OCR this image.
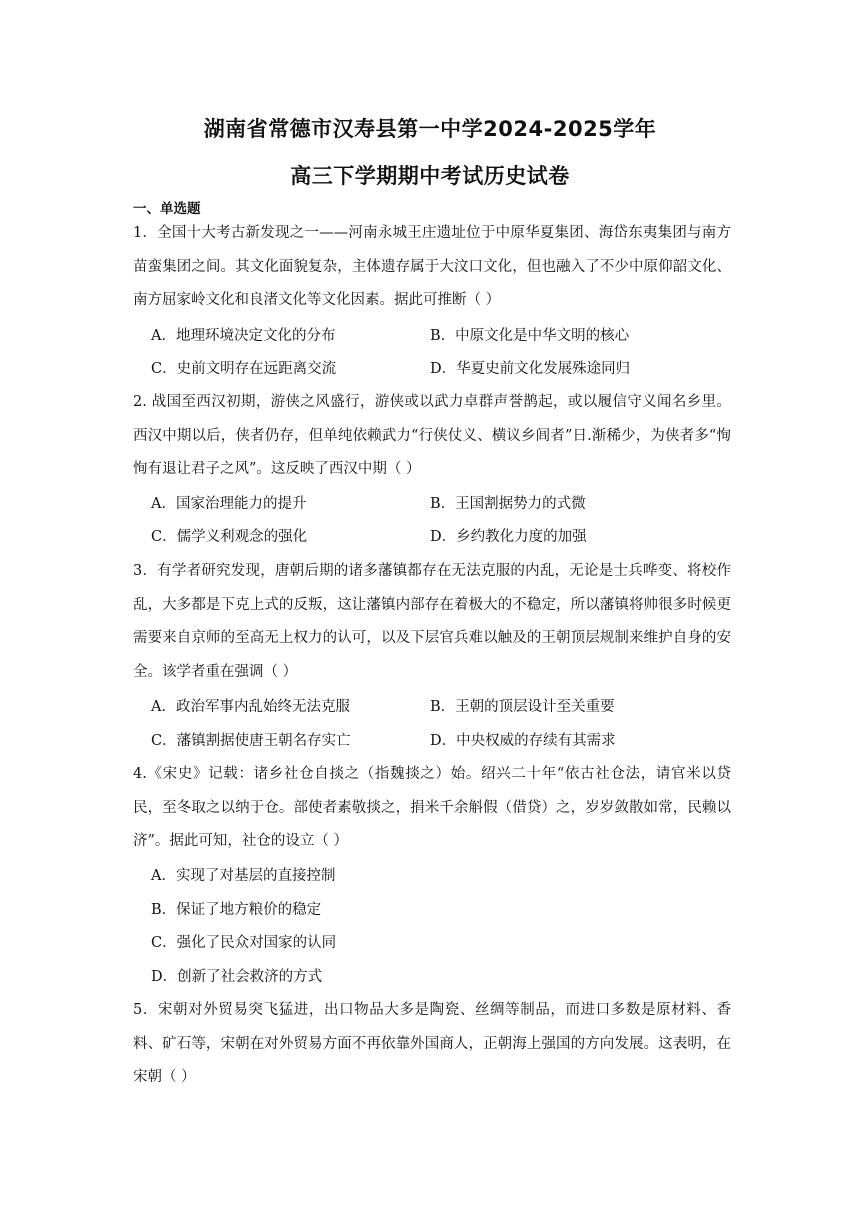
湖南省常德市汉寿县第一中学2024-2025学年
高三下学期期中考试历史试卷
一、单选题
1．全国十大考古新发现之一——河南永城王庄遗址位于中原华夏集团、海岱东夷集团与南方苗蛮集团之间。其文化面貌复杂，主体遗存属于大汶口文化，但也融入了不少中原仰韶文化、南方屈家岭文化和良渚文化等文化因素。据此可推断（ ）
A．地理环境决定文化的分布	B．中原文化是中华文明的核心
C．史前文明存在远距离交流	D．华夏史前文化发展殊途同归
2. 战国至西汉初期，游侠之风盛行，游侠或以武力卓群声誉鹊起，或以履信守义闻名乡里。西汉中期以后，侠者仍存，但单纯依赖武力“行侠仗义、横议乡闾者”日.渐稀少，为侠者多“恂恂有退让君子之风”。这反映了西汉中期（ ）
A．国家治理能力的提升	B．王国割据势力的式微
C．儒学义利观念的强化	D．乡约教化力度的加强
3．有学者研究发现，唐朝后期的诸多藩镇都存在无法克服的内乱，无论是士兵哗变、将校作乱，大多都是下克上式的反叛，这让藩镇内部存在着极大的不稳定，所以藩镇将帅很多时候更需要来自京师的至高无上权力的认可，以及下层官兵难以触及的王朝顶层规制来维护自身的安全。该学者重在强调（ ）
A．政治军事内乱始终无法克服	B．王朝的顶层设计至关重要
C．藩镇割据使唐王朝名存实亡	D．中央权威的存续有其需求
4.《宋史》记载：诸乡社仓自掞之（指魏掞之）始。绍兴二十年“依古社仓法，请官米以贷民，至冬取之以纳于仓。部使者素敬掞之，捐米千余斛假（借贷）之，岁岁敛散如常，民赖以济”。据此可知，社仓的设立（ ）
A．实现了对基层的直接控制
B．保证了地方粮价的稳定
C．强化了民众对国家的认同
D．创新了社会救济的方式
5．宋朝对外贸易突飞猛进，出口物品大多是陶瓷、丝绸等制品，而进口多数是原材料、香料、矿石等，宋朝在对外贸易方面不再依靠外国商人，正朝海上强国的方向发展。这表明，在宋朝（ ）
